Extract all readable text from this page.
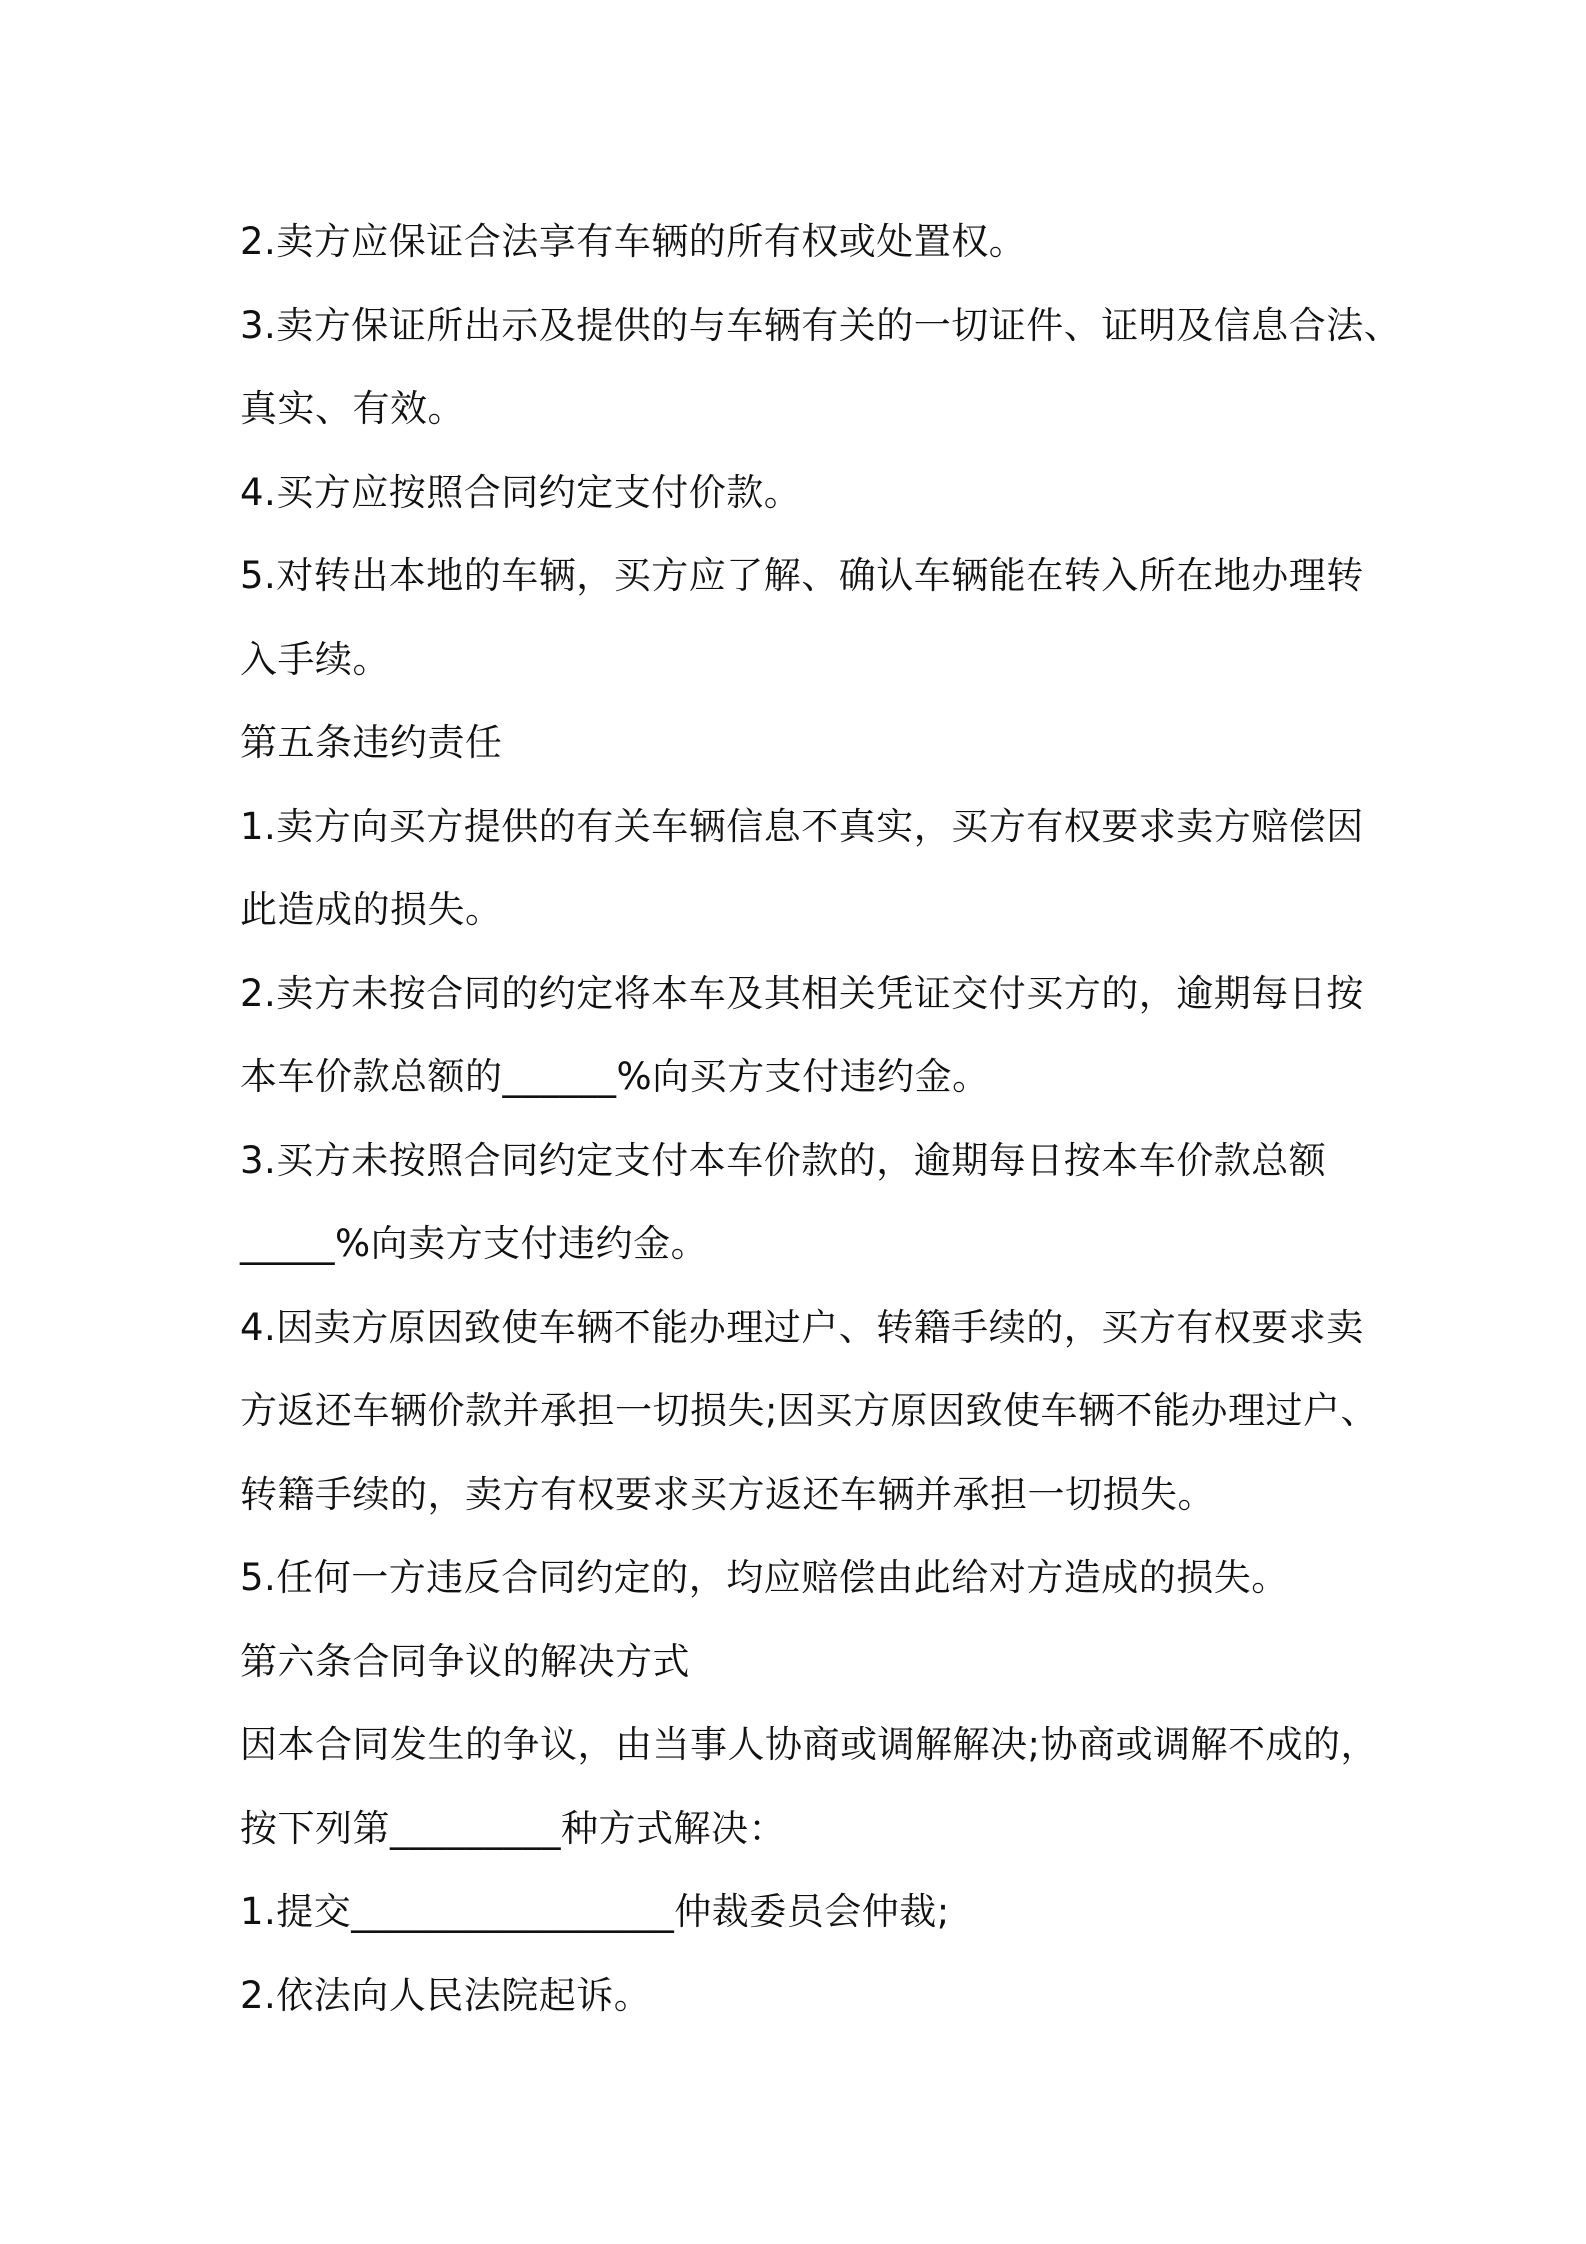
2.卖方应保证合法享有车辆的所有权或处置权。
3.卖方保证所出示及提供的与车辆有关的一切证件、证明及信息合法、
真实、有效。
4.买方应按照合同约定支付价款。
5.对转出本地的车辆，买方应了解、确认车辆能在转入所在地办理转
入手续。
第五条违约责任
1.卖方向买方提供的有关车辆信息不真实，买方有权要求卖方赔偿因
此造成的损失。
2.卖方未按合同的约定将本车及其相关凭证交付买方的，逾期每日按
本车价款总额的______%向买方支付违约金。
3.买方未按照合同约定支付本车价款的，逾期每日按本车价款总额
_____%向卖方支付违约金。
4.因卖方原因致使车辆不能办理过户、转籍手续的，买方有权要求卖
方返还车辆价款并承担一切损失;因买方原因致使车辆不能办理过户、
转籍手续的，卖方有权要求买方返还车辆并承担一切损失。
5.任何一方违反合同约定的，均应赔偿由此给对方造成的损失。
第六条合同争议的解决方式
因本合同发生的争议，由当事人协商或调解解决;协商或调解不成的，
按下列第_________种方式解决：
1.提交_________________仲裁委员会仲裁;
2.依法向人民法院起诉。
